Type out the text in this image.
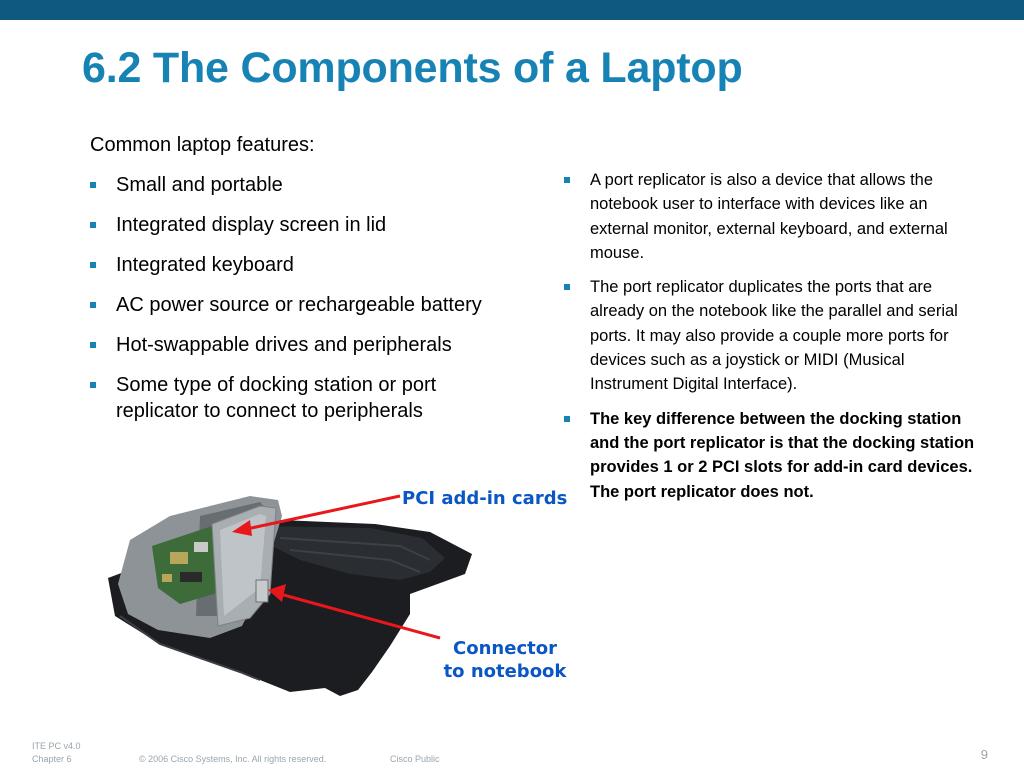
6.2 The Components of a Laptop

Common laptop features:

Small and portable
Integrated display screen in lid
Integrated keyboard
AC power source or rechargeable battery
Hot-swappable drives and peripherals
Some type of docking station or port replicator to connect to peripherals
A port replicator is also a device that allows the notebook user to interface with devices like an external monitor, external keyboard, and external mouse.
The port replicator duplicates the ports that are already on the notebook like the parallel and serial ports. It may also provide a couple more ports for devices such as a joystick or MIDI (Musical Instrument Digital Interface).
The key difference between the docking station and the port replicator is that the docking station provides 1 or 2 PCI slots for add-in card devices. The port replicator does not.
PCI add-in cards
Connector
to notebook
ITE PC v4.0
Chapter 6	© 2006 Cisco Systems, Inc. All rights reserved.	Cisco Public	9
